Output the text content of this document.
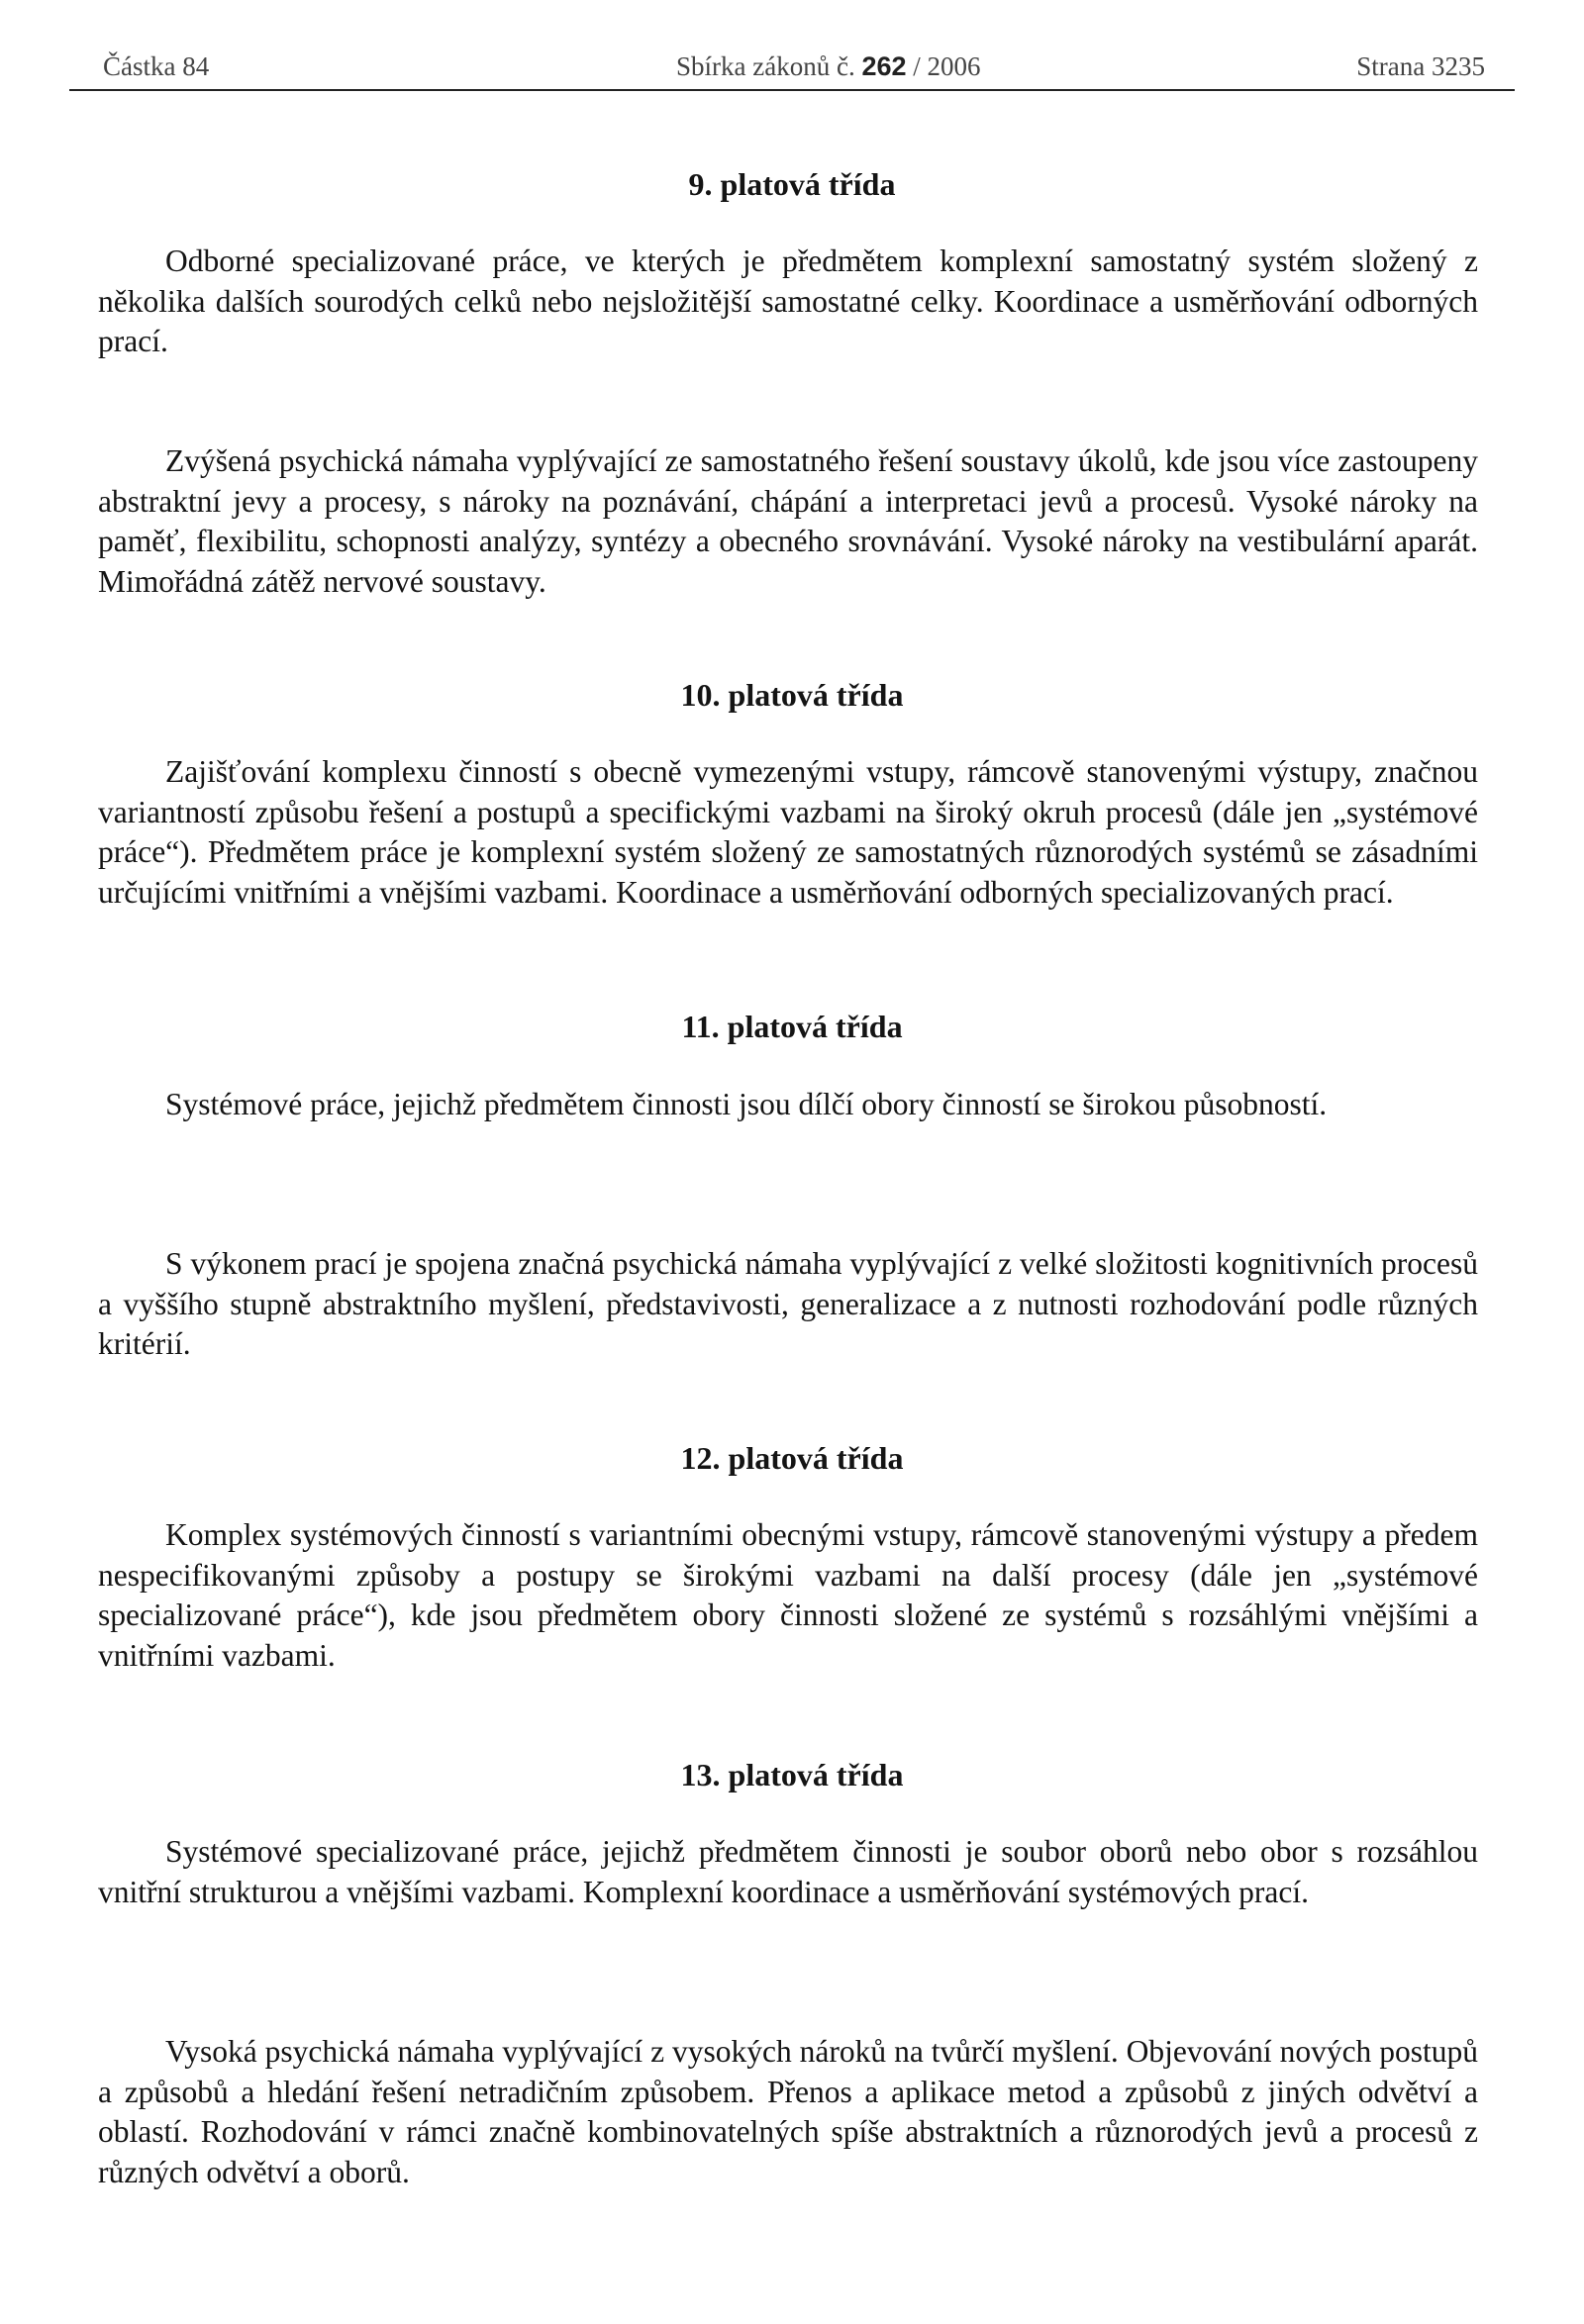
Částka 84	Sbírka zákonů č. 262 / 2006	Strana 3235
9. platová třída
Odborné specializované práce, ve kterých je předmětem komplexní samostatný systém složený z několika dalších sourodých celků nebo nejsložitější samostatné celky. Koordinace a usměrňování odborných prací.
Zvýšená psychická námaha vyplývající ze samostatného řešení soustavy úkolů, kde jsou více zastoupeny abstraktní jevy a procesy, s nároky na poznávání, chápání a interpretaci jevů a procesů. Vysoké nároky na paměť, flexibilitu, schopnosti analýzy, syntézy a obecného srovnávání. Vysoké nároky na vestibulární aparát. Mimořádná zátěž nervové soustavy.
10. platová třída
Zajišťování komplexu činností s obecně vymezenými vstupy, rámcově stanovenými výstupy, značnou variantností způsobu řešení a postupů a specifickými vazbami na široký okruh procesů (dále jen „systémové práce“). Předmětem práce je komplexní systém složený ze samostatných různorodých systémů se zásadními určujícími vnitřními a vnějšími vazbami. Koordinace a usměrňování odborných specializovaných prací.
11. platová třída
Systémové práce, jejichž předmětem činnosti jsou dílčí obory činností se širokou působností.
S výkonem prací je spojena značná psychická námaha vyplývající z velké složitosti kognitivních procesů a vyššího stupně abstraktního myšlení, představivosti, generalizace a z nutnosti rozhodování podle různých kritérií.
12. platová třída
Komplex systémových činností s variantními obecnými vstupy, rámcově stanovenými výstupy a předem nespecifikovanými způsoby a postupy se širokými vazbami na další procesy (dále jen „systémové specializované práce“), kde jsou předmětem obory činnosti složené ze systémů s rozsáhlými vnějšími a vnitřními vazbami.
13. platová třída
Systémové specializované práce, jejichž předmětem činnosti je soubor oborů nebo obor s rozsáhlou vnitřní strukturou a vnějšími vazbami. Komplexní koordinace a usměrňování systémových prací.
Vysoká psychická námaha vyplývající z vysokých nároků na tvůrčí myšlení. Objevování nových postupů a způsobů a hledání řešení netradičním způsobem. Přenos a aplikace metod a způsobů z jiných odvětví a oblastí. Rozhodování v rámci značně kombinovatelných spíše abstraktních a různorodých jevů a procesů z různých odvětví a oborů.
